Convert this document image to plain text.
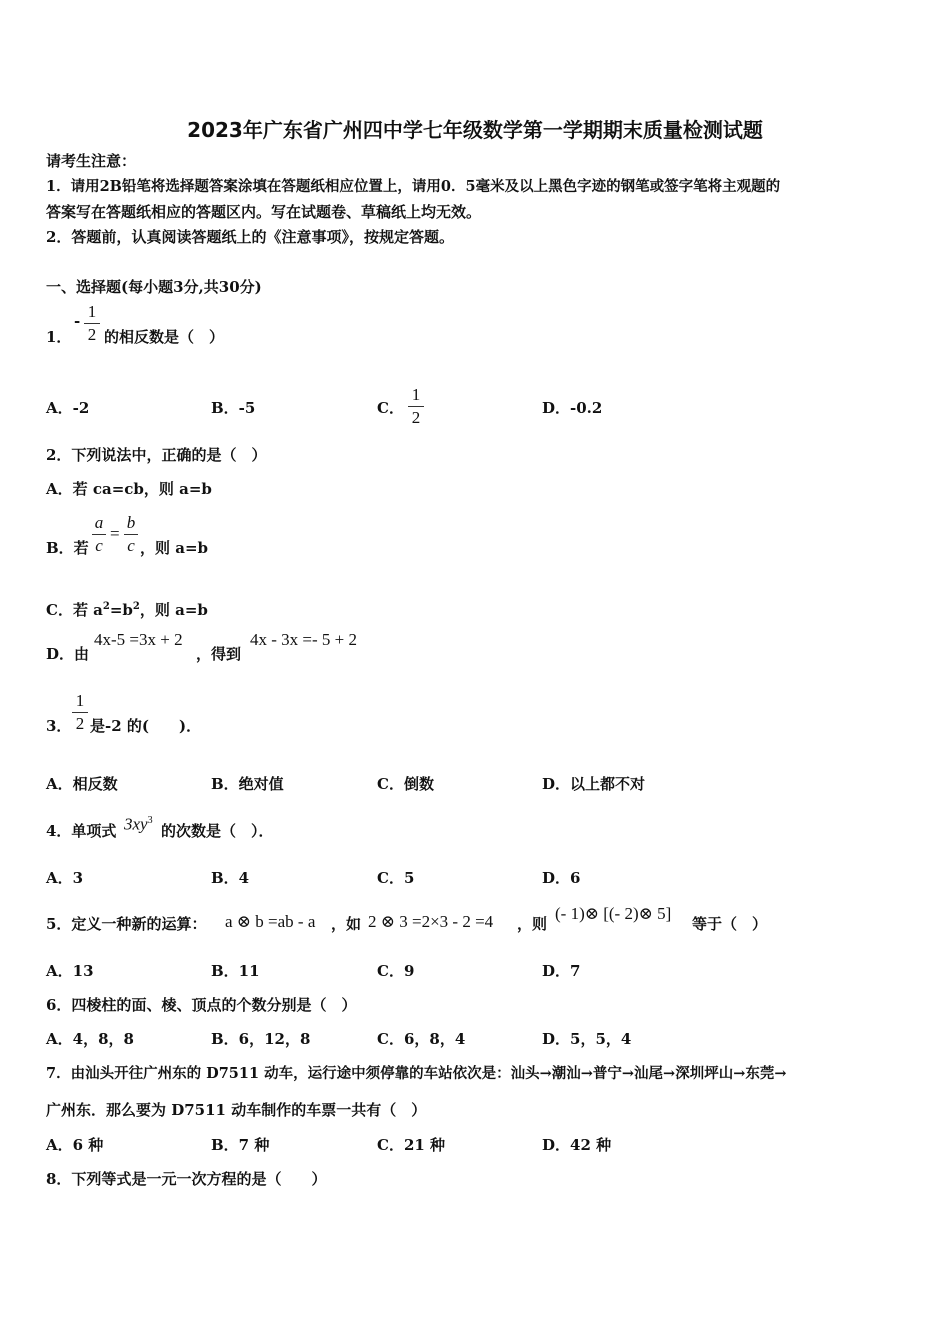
2023年广东省广州四中学七年级数学第一学期期末质量检测试题
请考生注意：
1．请用2B铅笔将选择题答案涂填在答题纸相应位置上，请用0．5毫米及以上黑色字迹的钢笔或签字笔将主观题的
答案写在答题纸相应的答题区内。写在试题卷、草稿纸上均无效。
2．答题前，认真阅读答题纸上的《注意事项》，按规定答题。
一、选择题(每小题3分,共30分)
1．
- 1
2 的相反数是（　）
A．-2	B．-5	C．
1
2	D．-0.2
2．下列说法中，正确的是（　）
A．若 ca=cb，则 a=b
B．若
a
c
=
b
c ，则 a=b
C．若 $a^2=b^2$，则 a=b
D．由
4x-5 =3x + 2
，得到
4x - 3x =- 5 + 2
3．
1
2 是-2 的(　　)．
A．相反数	B．绝对值	C．倒数	D．以上都不对
4．单项式 $3xy^3$
的次数是（　）．
A．3	B．4	C．5	D．6
5．定义一种新的运算： a ⊗ b =ab - a ，如 2 ⊗ 3 =2×3 - 2 =4 ，则
(- 1)⊗ [(- 2)⊗ 5]
等于（　）
A．13	B．11	C．9	D．7
6．四棱柱的面、棱、顶点的个数分别是（　）
A．4，8，8	B．6，12，8	C．6，8，4	D．5，5，4
7．由汕头开往广州东的 D7511 动车，运行途中须停靠的车站依次是：汕头→潮汕→普宁→汕尾→深圳坪山→东莞→
广州东．那么要为 D7511 动车制作的车票一共有（　）
A．6 种	B．7 种	C．21 种	D．42 种
8．下列等式是一元一次方程的是（　　）
